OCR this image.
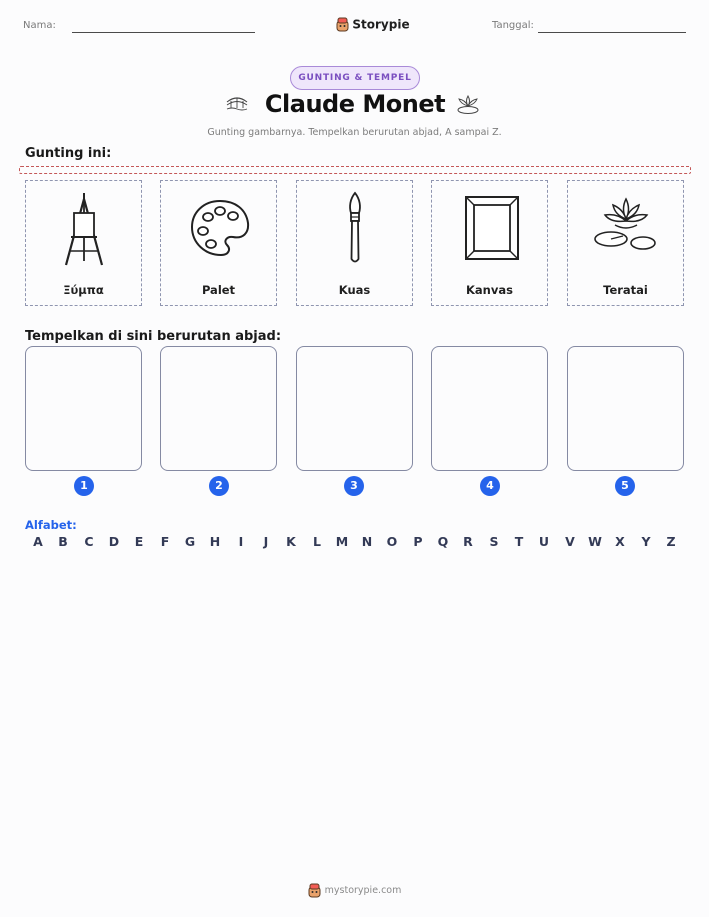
Nama:	Storypie	Tanggal:
GUNTING & TEMPEL
Claude Monet
Gunting gambarnya. Tempelkan berurutan abjad, A sampai Z.
Gunting ini:
Ξύμπα	Palet	Kuas	Kanvas	Teratai
Tempelkan di sini berurutan abjad:
1	2	3	4	5
Alfabet:
A	B	C	D	E	F	G	H	I	J	K	L	M	N	O	P	Q	R	S	T	U	V	W	X	Y	Z
mystorypie.com
